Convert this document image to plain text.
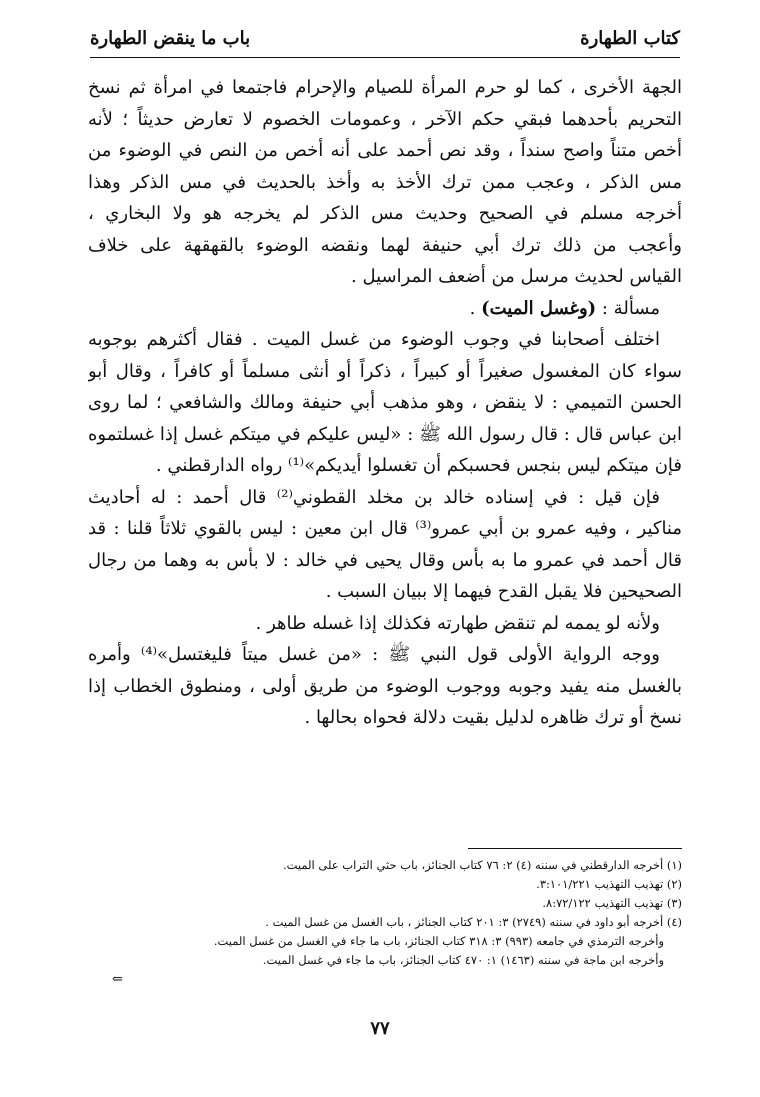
كتاب الطهارة
باب ما ينقض الطهارة
الجهة الأخرى ، كما لو حرم المرأة للصيام والإحرام فاجتمعا في امرأة ثم نسخ
التحريم بأحدهما فبقي حكم الآخر ، وعمومات الخصوم لا تعارض حديثاً ؛ لأنه
أخص متناً واصح سنداً ، وقد نص أحمد على أنه أخص من النص في الوضوء من
مس الذكر ، وعجب ممن ترك الأخذ به وأخذ بالحديث في مس الذكر وهذا
أخرجه مسلم في الصحيح وحديث مس الذكر لم يخرجه هو ولا البخاري ،
وأعجب من ذلك ترك أبي حنيفة لهما ونقضه الوضوء بالقهقهة على خلاف
القياس لحديث مرسل من أضعف المراسيل .
مسألة : (وغسل الميت) .
اختلف أصحابنا في وجوب الوضوء من غسل الميت . فقال أكثرهم بوجوبه
سواء كان المغسول صغيراً أو كبيراً ، ذكراً أو أنثى مسلماً أو كافراً ، وقال أبو
الحسن التميمي : لا ينقض ، وهو مذهب أبي حنيفة ومالك والشافعي ؛ لما روى
ابن عباس قال : قال رسول الله ﷺ : «ليس عليكم في ميتكم غسل إذا غسلتموه
فإن ميتكم ليس بنجس فحسبكم أن تغسلوا أيديكم»⁽¹⁾ رواه الدارقطني .
فإن قيل : في إسناده خالد بن مخلد القطوني⁽²⁾ قال أحمد : له أحاديث
مناكير ، وفيه عمرو بن أبي عمرو⁽³⁾ قال ابن معين : ليس بالقوي ثلاثاً قلنا : قد
قال أحمد في عمرو ما به بأس وقال يحيى في خالد : لا بأس به وهما من رجال
الصحيحين فلا يقبل القدح فيهما إلا ببيان السبب .
ولأنه لو يممه لم تنقض طهارته فكذلك إذا غسله طاهر .
ووجه الرواية الأولى قول النبي ﷺ : «من غسل ميتاً فليغتسل»⁽⁴⁾ وأمره
بالغسل منه يفيد وجوبه ووجوب الوضوء من طريق أولى ، ومنطوق الخطاب إذا
نسخ أو ترك ظاهره لدليل بقيت دلالة فحواه بحالها .
(١) أخرجه الدارقطني في سننه (٤) ٢: ٧٦ كتاب الجنائز، باب حثي التراب على الميت.
(٢) تهذيب التهذيب ٣:١٠١/٢٢١.
(٣) تهذيب التهذيب ٨:٧٢/١٢٢.
(٤) أخرجه أبو داود في سننه (٢٧٤٩) ٣: ٢٠١ كتاب الجنائز ، باب الغسل من غسل الميت .
وأخرجه الترمذي في جامعه (٩٩٣) ٣: ٣١٨ كتاب الجنائز، باب ما جاء في الغسل من غسل الميت.
وأخرجه ابن ماجة في سننه (١٤٦٣) ١: ٤٧٠ كتاب الجنائز، باب ما جاء في غسل الميت.
⇐
٧٧
